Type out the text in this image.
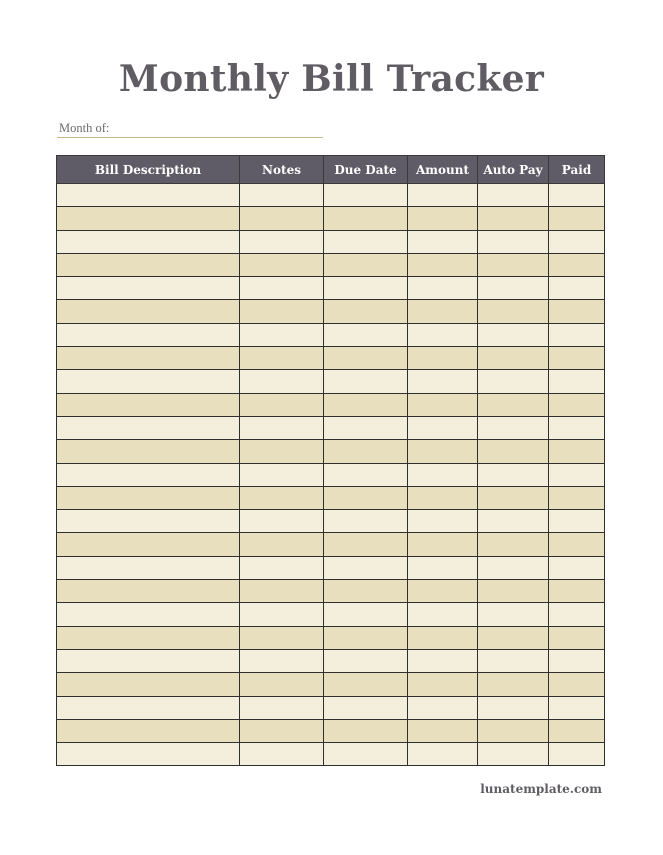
Monthly Bill Tracker
Month of:
Bill Description	Notes	Due Date	Amount	Auto Pay	Paid

lunatemplate.com
